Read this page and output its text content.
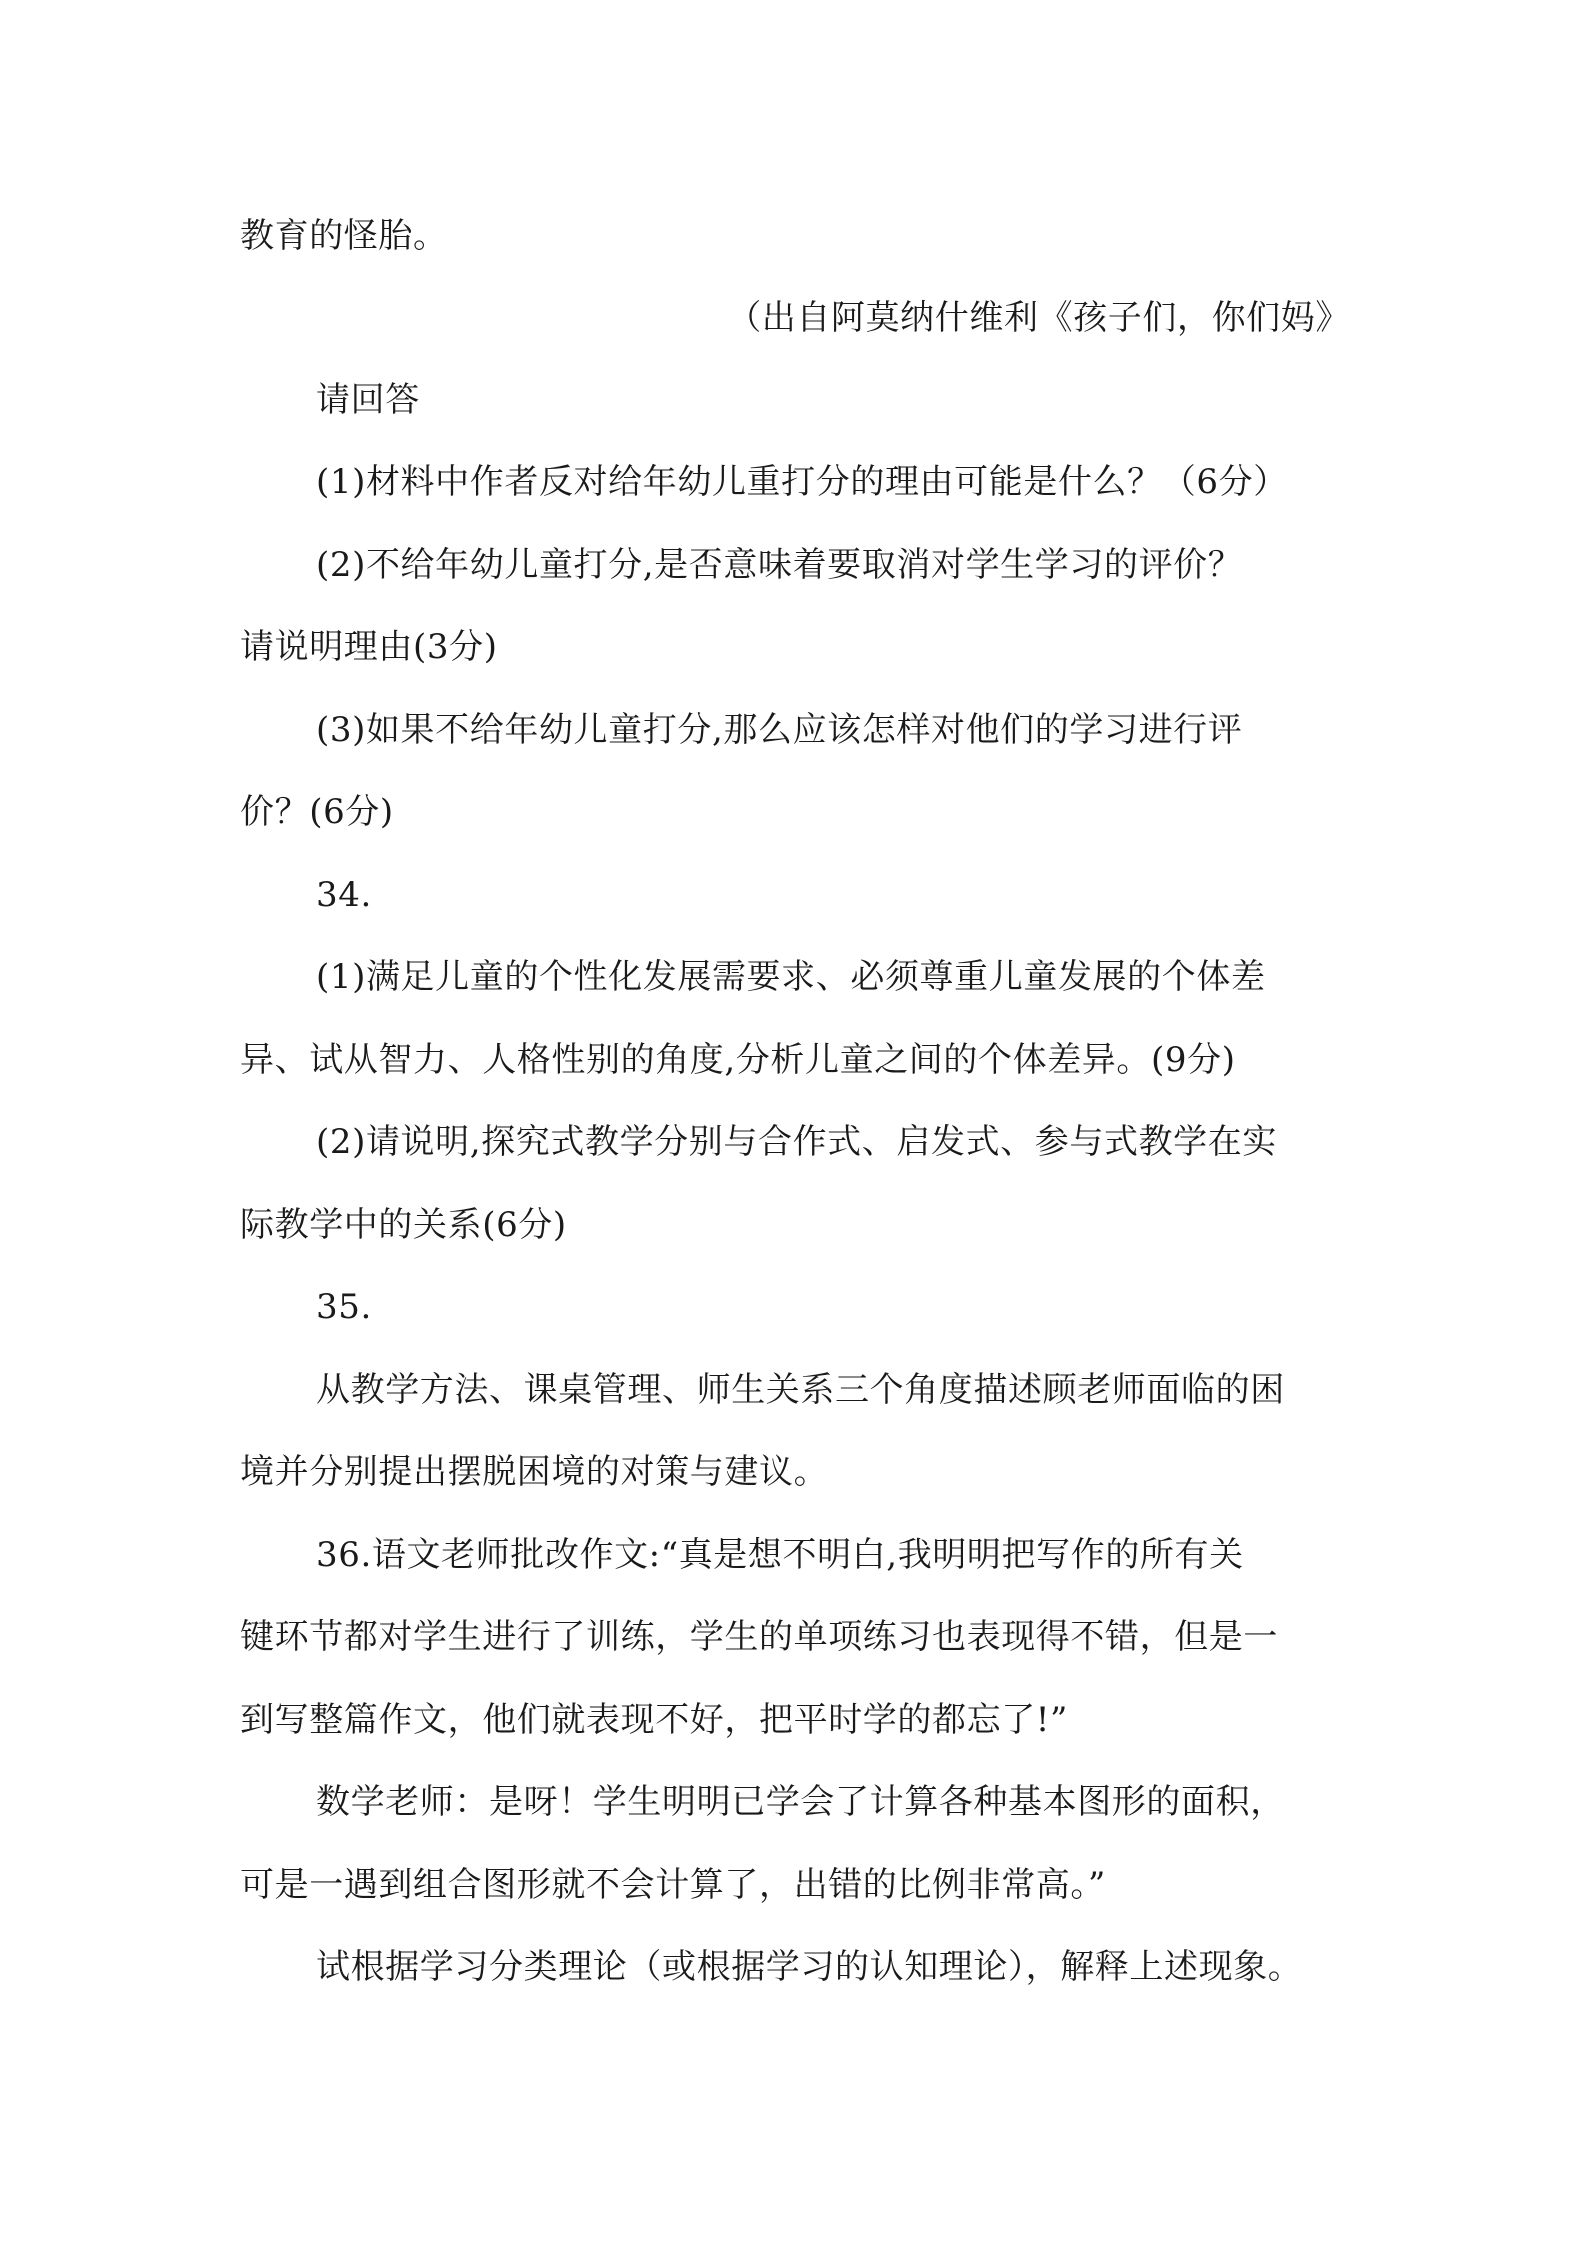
教育的怪胎。
（出自阿莫纳什维利《孩子们，你们妈》
请回答
(1)材料中作者反对给年幼儿重打分的理由可能是什么？（6分）
(2)不给年幼儿童打分,是否意味着要取消对学生学习的评价？
请说明理由(3分)
(3)如果不给年幼儿童打分,那么应该怎样对他们的学习进行评
价？(6分)
34.
(1)满足儿童的个性化发展需要求、必须尊重儿童发展的个体差
异、试从智力、人格性别的角度,分析儿童之间的个体差异。(9分)
(2)请说明,探究式教学分别与合作式、启发式、参与式教学在实
际教学中的关系(6分)
35.
从教学方法、课桌管理、师生关系三个角度描述顾老师面临的困
境并分别提出摆脱困境的对策与建议。
36.语文老师批改作文:“真是想不明白,我明明把写作的所有关
键环节都对学生进行了训练，学生的单项练习也表现得不错，但是一
到写整篇作文，他们就表现不好，把平时学的都忘了!”
数学老师：是呀！学生明明已学会了计算各种基本图形的面积，
可是一遇到组合图形就不会计算了，出错的比例非常高。”
试根据学习分类理论（或根据学习的认知理论），解释上述现象。
